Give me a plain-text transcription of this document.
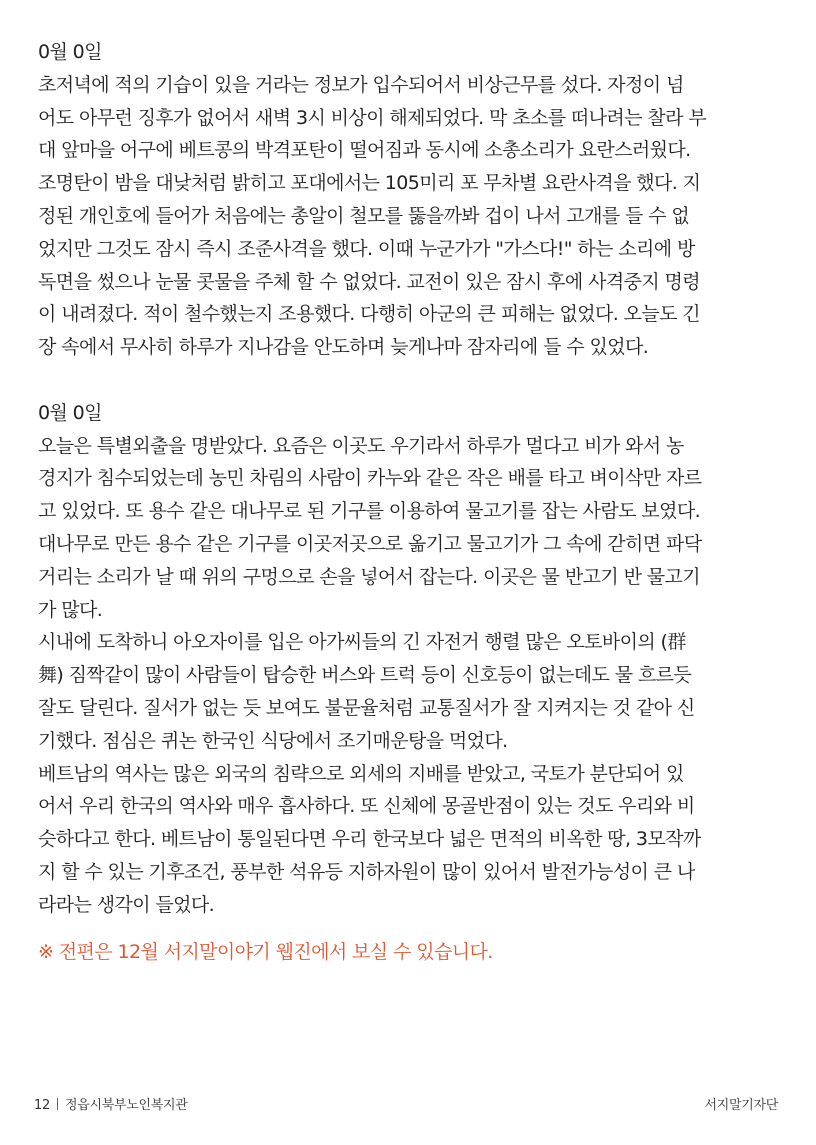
0월 0일
초저녁에 적의 기습이 있을 거라는 정보가 입수되어서 비상근무를 섰다. 자정이 넘
어도 아무런 징후가 없어서 새벽 3시 비상이 해제되었다. 막 초소를 떠나려는 찰라 부
대 앞마을 어구에 베트콩의 박격포탄이 떨어짐과 동시에 소총소리가 요란스러웠다.
조명탄이 밤을 대낮처럼 밝히고 포대에서는 105미리 포 무차별 요란사격을 했다. 지
정된 개인호에 들어가 처음에는 총알이 철모를 뚫을까봐 겁이 나서 고개를 들 수 없
었지만 그것도 잠시 즉시 조준사격을 했다. 이때 누군가가 "가스다!" 하는 소리에 방
독면을 썼으나 눈물 콧물을 주체 할 수 없었다. 교전이 있은 잠시 후에 사격중지 명령
이 내려졌다. 적이 철수했는지 조용했다. 다행히 아군의 큰 피해는 없었다. 오늘도 긴
장 속에서 무사히 하루가 지나감을 안도하며 늦게나마 잠자리에 들 수 있었다.
0월 0일
오늘은 특별외출을 명받았다. 요즘은 이곳도 우기라서 하루가 멀다고 비가 와서 농
경지가 침수되었는데 농민 차림의 사람이 카누와 같은 작은 배를 타고 벼이삭만 자르
고 있었다. 또 용수 같은 대나무로 된 기구를 이용하여 물고기를 잡는 사람도 보였다.
대나무로 만든 용수 같은 기구를 이곳저곳으로 옮기고 물고기가 그 속에 갇히면 파닥
거리는 소리가 날 때 위의 구멍으로 손을 넣어서 잡는다. 이곳은 물 반고기 반 물고기
가 많다.
시내에 도착하니 아오자이를 입은 아가씨들의 긴 자전거 행렬 많은 오토바이의 (群
舞) 짐짝같이 많이 사람들이 탑승한 버스와 트럭 등이 신호등이 없는데도 물 흐르듯
잘도 달린다. 질서가 없는 듯 보여도 불문율처럼 교통질서가 잘 지켜지는 것 같아 신
기했다. 점심은 퀴논 한국인 식당에서 조기매운탕을 먹었다.
베트남의 역사는 많은 외국의 침략으로 외세의 지배를 받았고, 국토가 분단되어 있
어서 우리 한국의 역사와 매우 흡사하다. 또 신체에 몽골반점이 있는 것도 우리와 비
슷하다고 한다. 베트남이 통일된다면 우리 한국보다 넓은 면적의 비옥한 땅, 3모작까
지 할 수 있는 기후조건, 풍부한 석유등 지하자원이 많이 있어서 발전가능성이 큰 나
라라는 생각이 들었다.
※ 전편은 12월 서지말이야기 웹진에서 보실 수 있습니다.
12 정읍시북부노인복지관	서지말기자단
